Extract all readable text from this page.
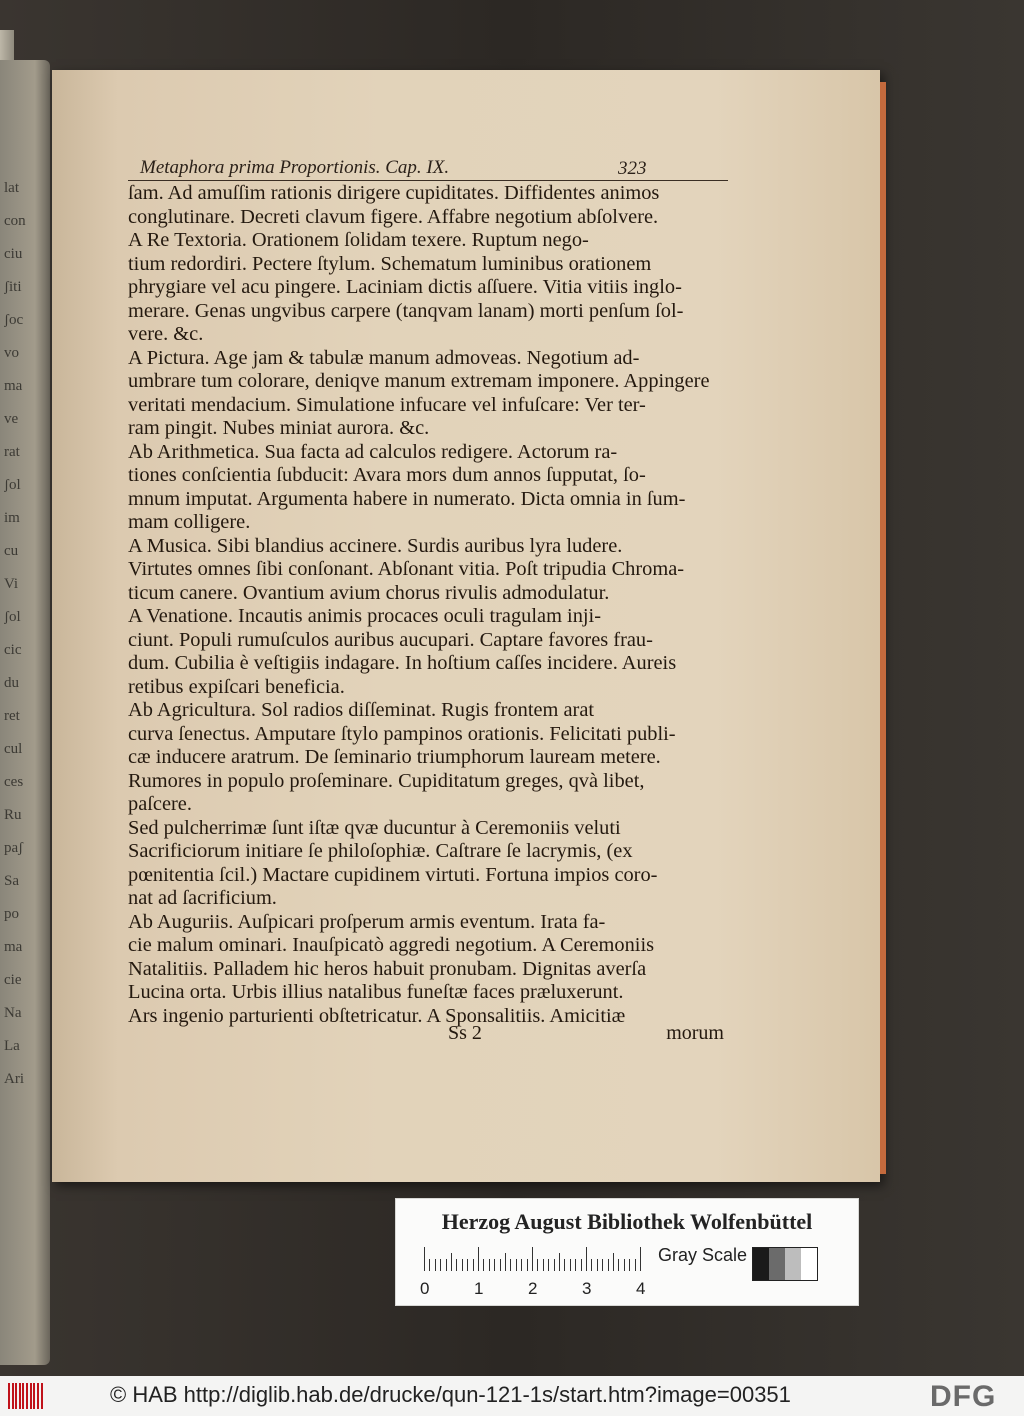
lat
con
ciu
ʃiti
ʃoc
vo
ma
ve
rat
ʃol
im
cu
Vi
ʃol
cic
du
ret
cul
ces
Ru
paʃ
Sa
po
ma
cie
Na
La
Ari
Metaphora prima Proportionis. Cap. IX.	323
ſam. Ad amuſſim rationis dirigere cupiditates. Diffidentes animos
conglutinare. Decreti clavum figere. Affabre negotium abſolvere.
A Re Textoria. Orationem ſolidam texere. Ruptum nego-
tium redordiri. Pectere ſtylum. Schematum luminibus orationem
phrygiare vel acu pingere. Laciniam dictis aſſuere. Vitia vitiis inglo-
merare. Genas ungvibus carpere (tanqvam lanam) morti penſum ſol-
vere. &c.
A Pictura. Age jam & tabulæ manum admoveas. Negotium ad-
umbrare tum colorare, deniqve manum extremam imponere. Appingere
veritati mendacium. Simulatione infucare vel infuſcare: Ver ter-
ram pingit. Nubes miniat aurora. &c.
Ab Arithmetica. Sua facta ad calculos redigere. Actorum ra-
tiones conſcientia ſubducit: Avara mors dum annos ſupputat, ſo-
mnum imputat. Argumenta habere in numerato. Dicta omnia in ſum-
mam colligere.
A Musica. Sibi blandius accinere. Surdis auribus lyra ludere.
Virtutes omnes ſibi conſonant. Abſonant vitia. Poſt tripudia Chroma-
ticum canere. Ovantium avium chorus rivulis admodulatur.
A Venatione. Incautis animis procaces oculi tragulam inji-
ciunt. Populi rumuſculos auribus aucupari. Captare favores frau-
dum. Cubilia è veſtigiis indagare. In hoſtium caſſes incidere. Aureis
retibus expiſcari beneficia.
Ab Agricultura. Sol radios diſſeminat. Rugis frontem arat
curva ſenectus. Amputare ſtylo pampinos orationis. Felicitati publi-
cæ inducere aratrum. De ſeminario triumphorum lauream metere.
Rumores in populo proſeminare. Cupiditatum greges, qvà libet,
paſcere.
Sed pulcherrimæ ſunt iſtæ qvæ ducuntur à Ceremoniis veluti
Sacrificiorum initiare ſe philoſophiæ. Caſtrare ſe lacrymis, (ex
pœnitentia ſcil.) Mactare cupidinem virtuti. Fortuna impios coro-
nat ad ſacrificium.
Ab Auguriis. Auſpicari proſperum armis eventum. Irata fa-
cie malum ominari. Inauſpicatò aggredi negotium. A Ceremoniis
Natalitiis. Palladem hic heros habuit pronubam. Dignitas averſa
Lucina orta. Urbis illius natalibus funeſtæ faces præluxerunt.
Ars ingenio parturienti obſtetricatur. A Sponsalitiis. Amicitiæ
Ss 2	morum
Herzog August Bibliothek Wolfenbüttel
0	1	2	3	4
Gray Scale
© HAB http://diglib.hab.de/drucke/qun-121-1s/start.htm?image=00351	DFG
